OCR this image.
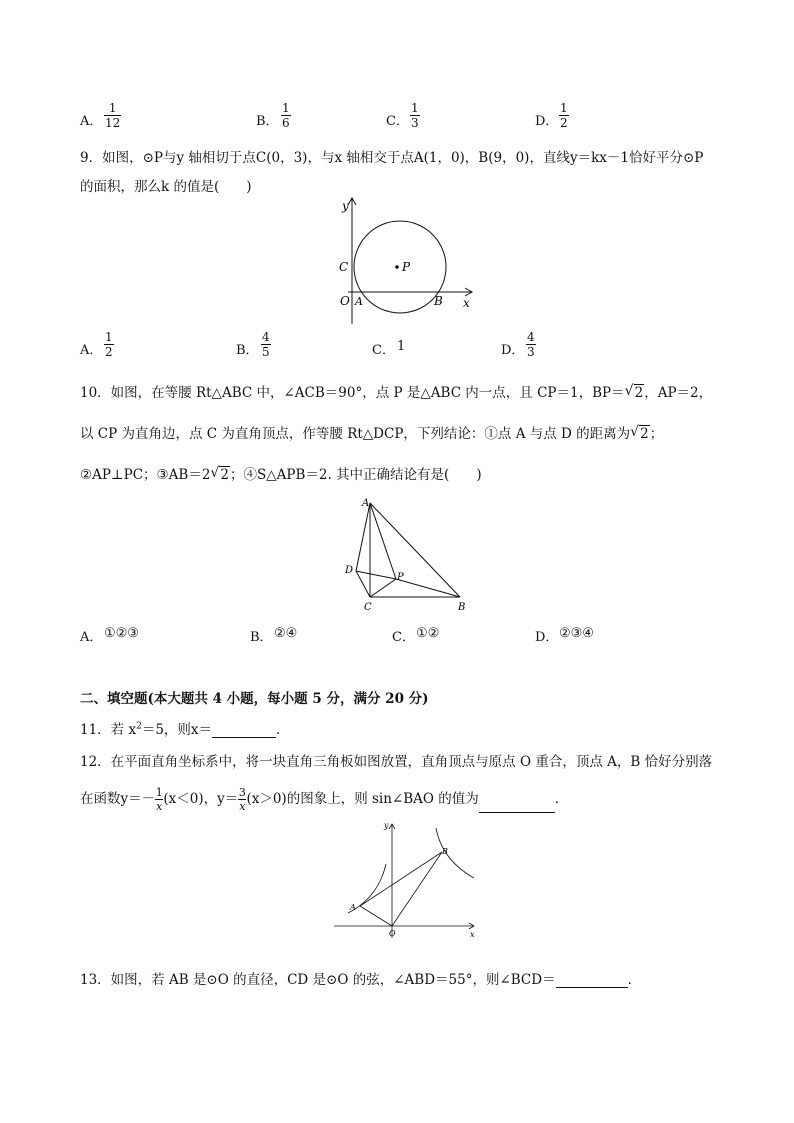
A． $\frac{1}{12}$	B． $\frac{1}{6}$	C． $\frac{1}{3}$	D． $\frac{1}{2}$
9．如图，⊙P与y 轴相切于点C(0，3)，与x 轴相交于点A(1，0)，B(9，0)，直线y＝kx－1恰好平分⊙P
的面积，那么k 的值是(　　)
y
x
C	P
O A	B
A． $\frac{1}{2}$	B． $\frac{4}{5}$	C． 1	D． $\frac{4}{3}$
10．如图，在等腰 Rt△ABC 中，∠ACB＝90°，点 P 是△ABC 内一点，且 CP＝1，BP＝ √ 2，AP＝2，
以 CP 为直角边，点 C 为直角顶点，作等腰 Rt△DCP，下列结论：①点 A 与点 D 的距离为 √ 2；
②AP⊥PC；③AB＝2 √ 2；④S△APB＝2. 其中正确结论有是(　　)
A
D
P
C	B
A． ①②③	B． ②④	C． ①②	D． ②③④
二、填空题(本大题共 4 小题，每小题 5 分，满分 20 分)
11．若 $x^2=5$，则x＝	．
12．在平面直角坐标系中，将一块直角三角板如图放置，直角顶点与原点 O 重合，顶点 A，B 恰好分别落
在函数$y=- \frac{1}{x} (x<0)$，$y= \frac{3}{x} (x>0)$的图象上，则 sin∠BAO 的值为	．
y
x
A
B
O
13．如图，若 AB 是⊙O 的直径，CD 是⊙O 的弦，∠ABD＝55°，则∠BCD＝	．
